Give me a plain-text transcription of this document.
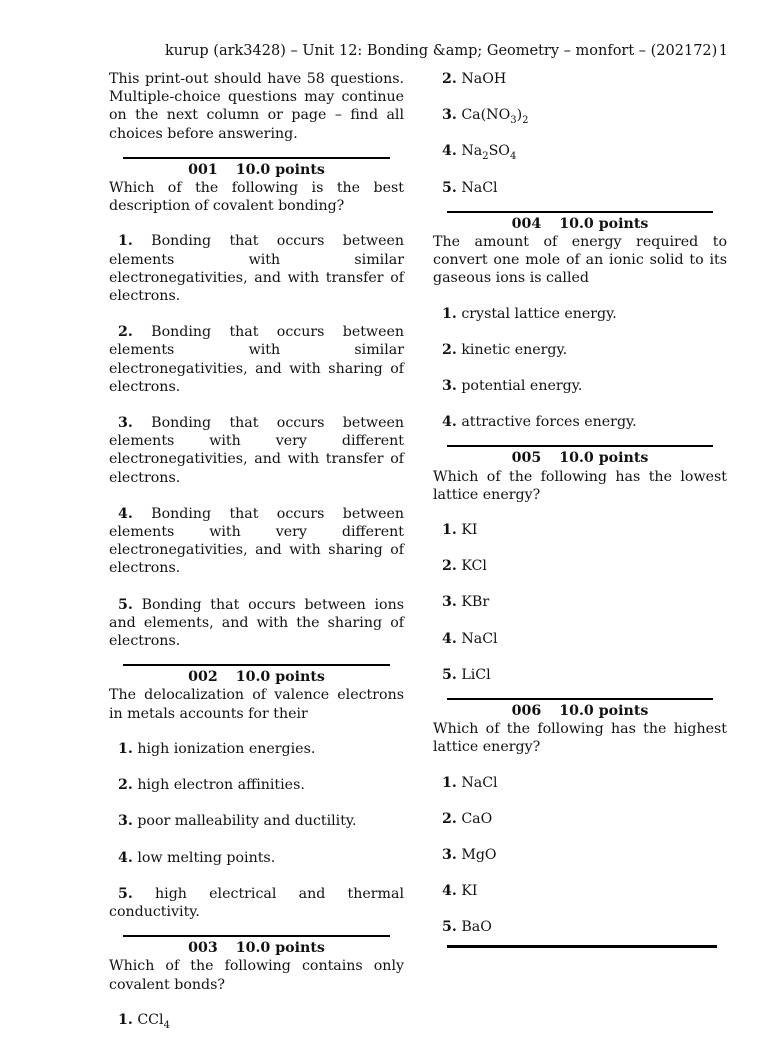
kurup (ark3428) – Unit 12: Bonding &amp; Geometry – monfort – (202172) 1

This print-out should have 58 questions. Multiple-choice questions may continue on the next column or page – find all choices before answering.

001 10.0 points

Which of the following is the best description of covalent bonding?

1. Bonding that occurs between elements with similar electronegativities, and with transfer of electrons.

2. Bonding that occurs between elements with similar electronegativities, and with sharing of electrons.

3. Bonding that occurs between elements with very different electronegativities, and with transfer of electrons.

4. Bonding that occurs between elements with very different electronegativities, and with sharing of electrons.

5. Bonding that occurs between ions and elements, and with the sharing of electrons.

002 10.0 points

The delocalization of valence electrons in metals accounts for their

1. high ionization energies.

2. high electron affinities.

3. poor malleability and ductility.

4. low melting points.

5. high electrical and thermal conductivity.

003 10.0 points

Which of the following contains only covalent bonds?

1. CCl$_4$

2. NaOH

3. $Ca(NO_3)_2$

4. $Na_2SO_4$

5. NaCl

004 10.0 points

The amount of energy required to convert one mole of an ionic solid to its gaseous ions is called

1. crystal lattice energy.

2. kinetic energy.

3. potential energy.

4. attractive forces energy.

005 10.0 points

Which of the following has the lowest lattice energy?

1. KI

2. KCl

3. KBr

4. NaCl

5. LiCl

006 10.0 points

Which of the following has the highest lattice energy?

1. NaCl

2. CaO

3. MgO

4. KI

5. BaO
